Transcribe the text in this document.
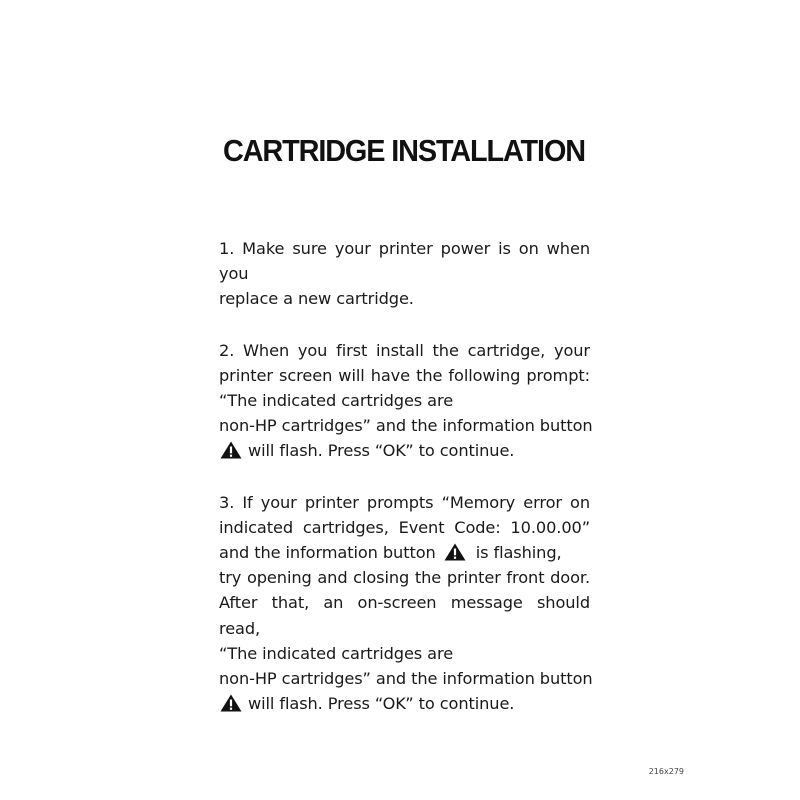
CARTRIDGE INSTALLATION
1. Make sure your printer power is on when you
replace a new cartridge.
2. When you first install the cartridge, your
printer screen will have the following prompt:
“The indicated cartridges are
non-HP cartridges” and the information button
will flash. Press “OK” to continue.
3. If your printer prompts “Memory error on
indicated cartridges, Event Code: 10.00.00”
and the information button is flashing,
try opening and closing the printer front door.
After that, an on-screen message should read,
“The indicated cartridges are
non-HP cartridges” and the information button
will flash. Press “OK” to continue.
216x279
